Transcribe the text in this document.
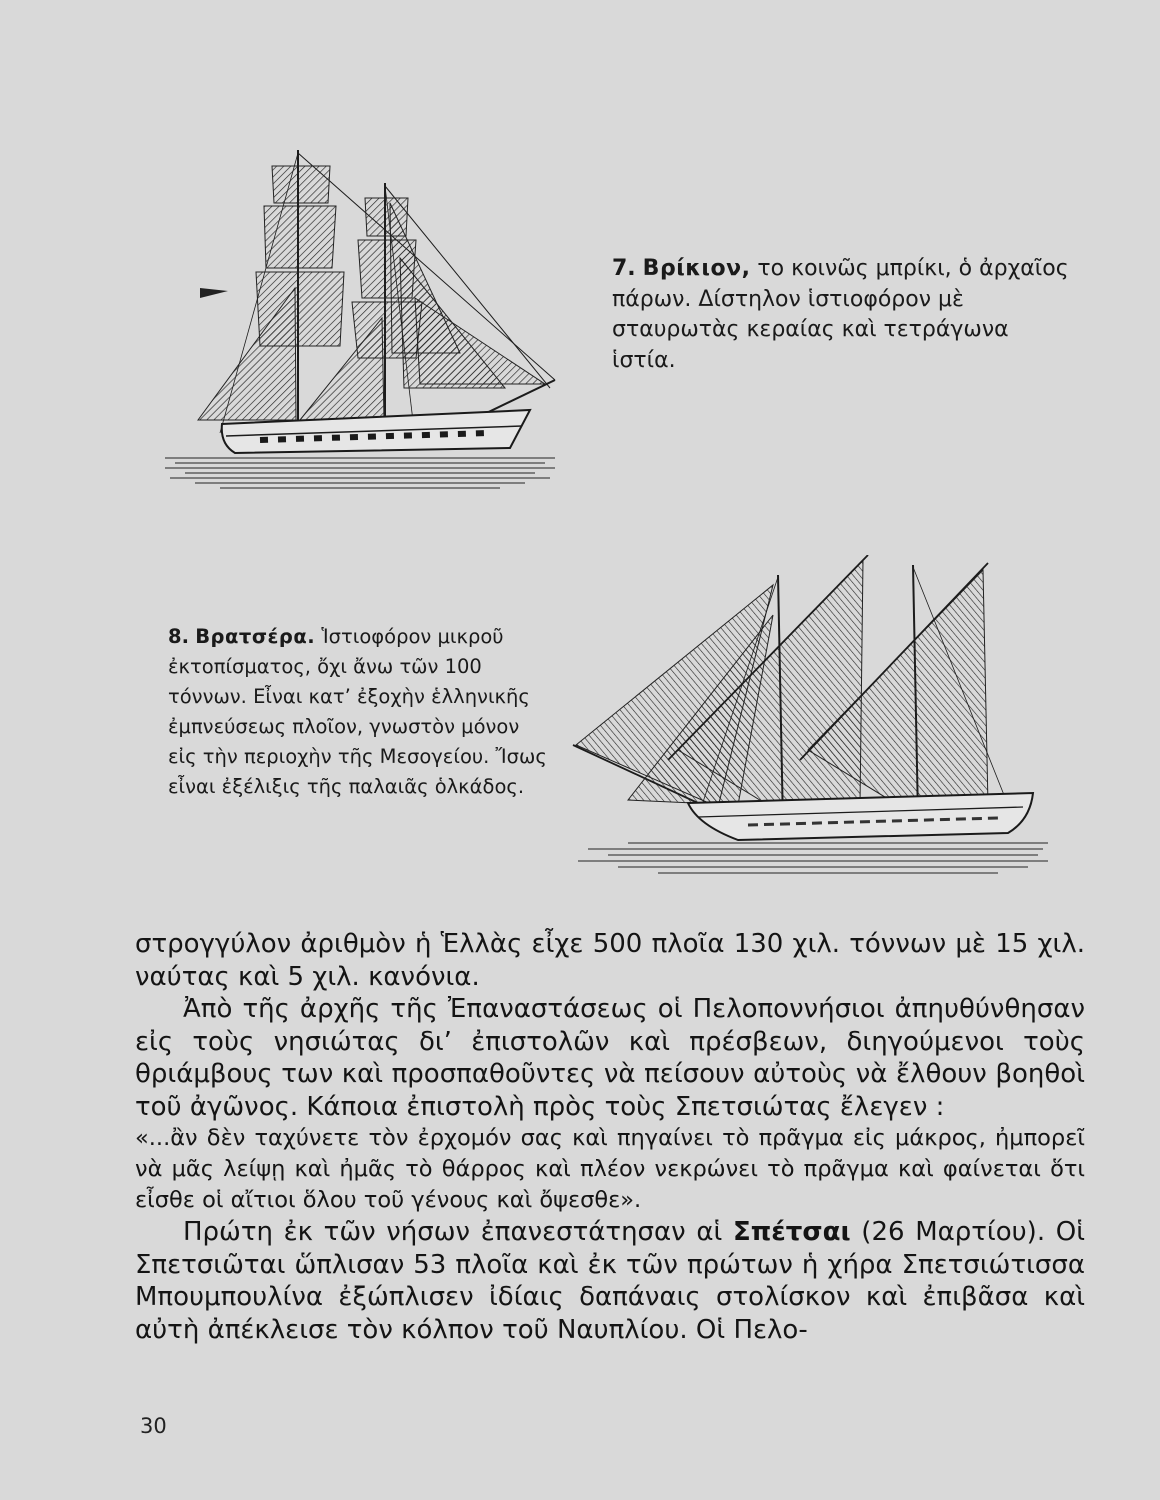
7. Βρίκιον, το κοινῶς μπρίκι, ὁ ἀρχαῖος πάρων. Δίστηλον ἱστιοφόρον μὲ σταυρωτὰς κεραίας καὶ τετράγωνα ἱστία.
8. Βρατσέρα. Ἱστιοφόρον μικροῦ ἐκτοπίσματος, ὄχι ἄνω τῶν 100 τόννων. Εἶναι κατ’ ἐξοχὴν ἑλληνικῆς ἐμπνεύσεως πλοῖον, γνωστὸν μόνον εἰς τὴν περιοχὴν τῆς Μεσογείου. Ἴσως εἶναι ἐξέλιξις τῆς παλαιᾶς ὁλκάδος.

στρογγύλον ἀριθμὸν ἡ Ἑλλὰς εἶχε 500 πλοῖα 130 χιλ. τόννων μὲ 15 χιλ. ναύτας καὶ 5 χιλ. κανόνια.

Ἀπὸ τῆς ἀρχῆς τῆς Ἐπαναστάσεως οἱ Πελοποννήσιοι ἀπηυθύνθησαν εἰς τοὺς νησιώτας δι’ ἐπιστολῶν καὶ πρέσβεων, διηγούμενοι τοὺς θριάμβους των καὶ προσπαθοῦντες νὰ πείσουν αὐτοὺς νὰ ἔλθουν βοηθοὶ τοῦ ἀγῶνος. Κάποια ἐπιστολὴ πρὸς τοὺς Σπετσιώτας ἔλεγεν :

«...ἂν δὲν ταχύνετε τὸν ἐρχομόν σας καὶ πηγαίνει τὸ πρᾶγμα εἰς μάκρος, ἠμπορεῖ νὰ μᾶς λείψῃ καὶ ἠμᾶς τὸ θάρρος καὶ πλέον νεκρώνει τὸ πρᾶγμα καὶ φαίνεται ὅτι εἶσθε οἱ αἴτιοι ὅλου τοῦ γένους καὶ ὄψεσθε».

Πρώτη ἐκ τῶν νήσων ἐπανεστάτησαν αἱ Σπέτσαι (26 Μαρτίου). Οἱ Σπετσιῶται ὥπλισαν 53 πλοῖα καὶ ἐκ τῶν πρώτων ἡ χήρα Σπετσιώτισσα Μπουμπουλίνα ἐξώπλισεν ἰδίαις δαπάναις στολίσκον καὶ ἐπιβᾶσα καὶ αὐτὴ ἀπέκλεισε τὸν κόλπον τοῦ Ναυπλίου. Οἱ Πελο-

30
